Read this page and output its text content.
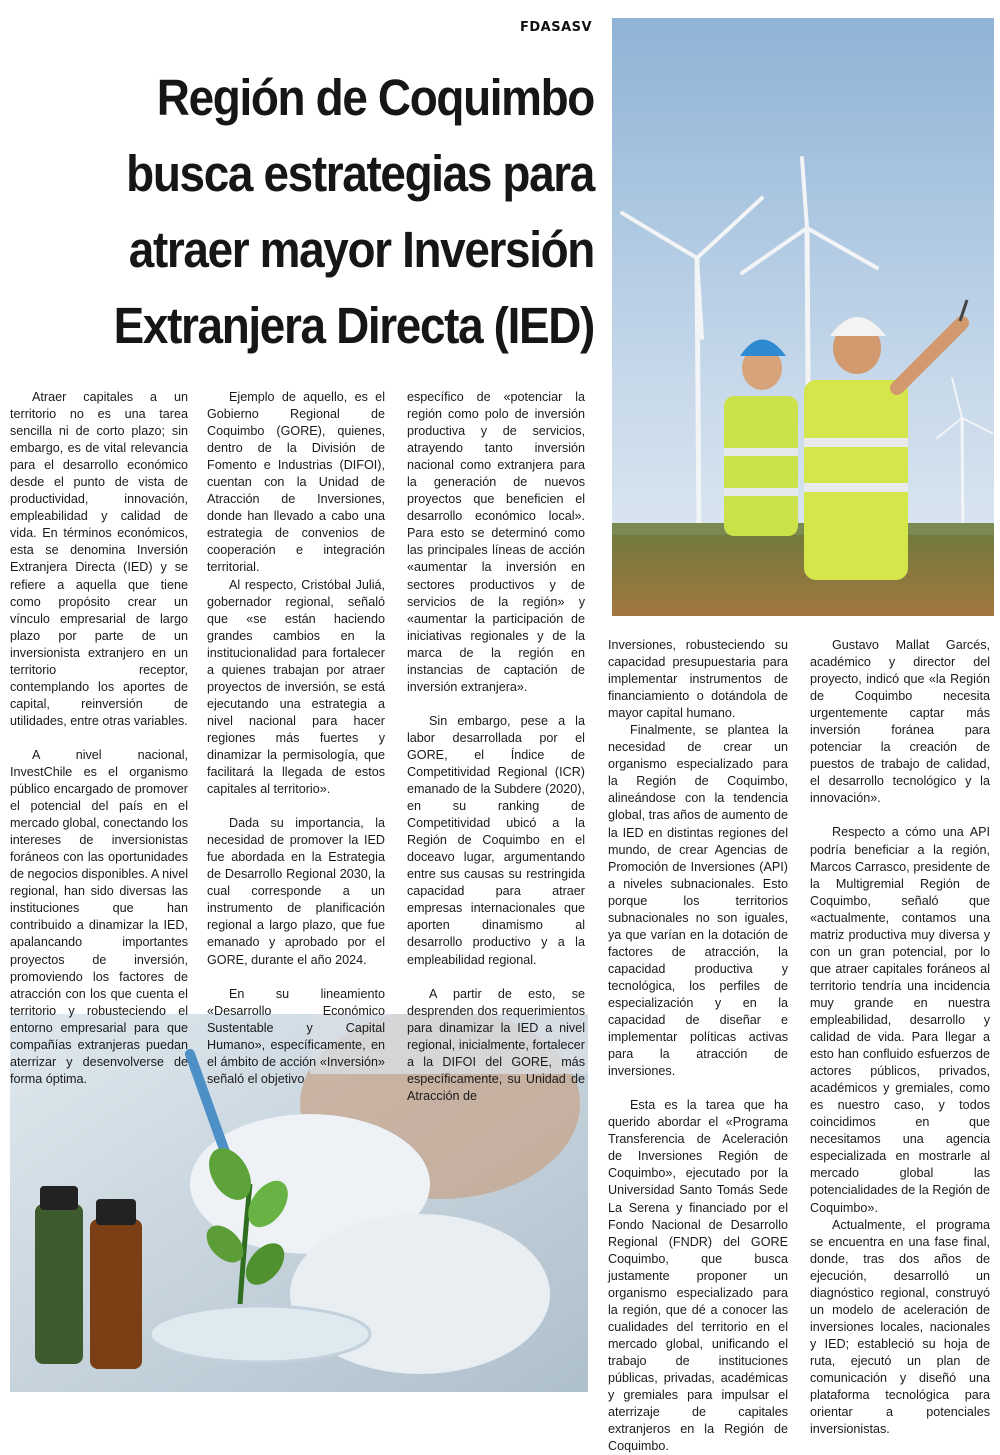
FDASASV
Región de Coquimbo busca estrategias para atraer mayor Inversión Extranjera Directa (IED)

Atraer capitales a un territorio no es una tarea sencilla ni de corto plazo; sin embargo, es de vital relevancia para el desarrollo económico desde el punto de vista de productividad, innovación, empleabilidad y calidad de vida. En términos económicos, esta se denomina Inversión Extranjera Directa (IED) y se refiere a aquella que tiene como propósito crear un vínculo empresarial de largo plazo por parte de un inversionista extranjero en un territorio receptor, contemplando los aportes de capital, reinversión de utilidades, entre otras variables.

A nivel nacional, InvestChile es el organismo público encargado de promover el potencial del país en el mercado global, conectando los intereses de inversionistas foráneos con las oportunidades de negocios disponibles. A nivel regional, han sido diversas las instituciones que han contribuido a dinamizar la IED, apalancando importantes proyectos de inversión, promoviendo los factores de atracción con los que cuenta el territorio y robusteciendo el entorno empresarial para que compañías extranjeras puedan aterrizar y desenvolverse de forma óptima.

Ejemplo de aquello, es el Gobierno Regional de Coquimbo (GORE), quienes, dentro de la División de Fomento e Industrias (DIFOI), cuentan con la Unidad de Atracción de Inversiones, donde han llevado a cabo una estrategia de convenios de cooperación e integración territorial.

Al respecto, Cristóbal Juliá, gobernador regional, señaló que «se están haciendo grandes cambios en la institucionalidad para fortalecer a quienes trabajan por atraer proyectos de inversión, se está ejecutando una estrategia a nivel nacional para hacer regiones más fuertes y dinamizar la permisología, que facilitará la llegada de estos capitales al territorio».

Dada su importancia, la necesidad de promover la IED fue abordada en la Estrategia de Desarrollo Regional 2030, la cual corresponde a un instrumento de planificación regional a largo plazo, que fue emanado y aprobado por el GORE, durante el año 2024.

En su lineamiento «Desarrollo Económico Sustentable y Capital Humano», específicamente, en el ámbito de acción «Inversión» señaló el objetivo

específico de «potenciar la región como polo de inversión productiva y de servicios, atrayendo tanto inversión nacional como extranjera para la generación de nuevos proyectos que beneficien el desarrollo económico local». Para esto se determinó como las principales líneas de acción «aumentar la inversión en sectores productivos y de servicios de la región» y «aumentar la participación de iniciativas regionales y de la marca de la región en instancias de captación de inversión extranjera».

Sin embargo, pese a la labor desarrollada por el GORE, el Índice de Competitividad Regional (ICR) emanado de la Subdere (2020), en su ranking de Competitividad ubicó a la Región de Coquimbo en el doceavo lugar, argumentando entre sus causas su restringida capacidad para atraer empresas internacionales que aporten dinamismo al desarrollo productivo y a la empleabilidad regional.

A partir de esto, se desprenden dos requerimientos para dinamizar la IED a nivel regional, inicialmente, fortalecer a la DIFOI del GORE, más específicamente, su Unidad de Atracción de

Inversiones, robusteciendo su capacidad presupuestaria para implementar instrumentos de financiamiento o dotándola de mayor capital humano.

Finalmente, se plantea la necesidad de crear un organismo especializado para la Región de Coquimbo, alineándose con la tendencia global, tras años de aumento de la IED en distintas regiones del mundo, de crear Agencias de Promoción de Inversiones (API) a niveles subnacionales. Esto porque los territorios subnacionales no son iguales, ya que varían en la dotación de factores de atracción, la capacidad productiva y tecnológica, los perfiles de especialización y en la capacidad de diseñar e implementar políticas activas para la atracción de inversiones.

Esta es la tarea que ha querido abordar el «Programa Transferencia de Aceleración de Inversiones Región de Coquimbo», ejecutado por la Universidad Santo Tomás Sede La Serena y financiado por el Fondo Nacional de Desarrollo Regional (FNDR) del GORE Coquimbo, que busca justamente proponer un organismo especializado para la región, que dé a conocer las cualidades del territorio en el mercado global, unificando el trabajo de instituciones públicas, privadas, académicas y gremiales para impulsar el aterrizaje de capitales extranjeros en la Región de Coquimbo.

Gustavo Mallat Garcés, académico y director del proyecto, indicó que «la Región de Coquimbo necesita urgentemente captar más inversión foránea para potenciar la creación de puestos de trabajo de calidad, el desarrollo tecnológico y la innovación».

Respecto a cómo una API podría beneficiar a la región, Marcos Carrasco, presidente de la Multigremial Región de Coquimbo, señaló que «actualmente, contamos una matriz productiva muy diversa y con un gran potencial, por lo que atraer capitales foráneos al territorio tendría una incidencia muy grande en nuestra empleabilidad, desarrollo y calidad de vida. Para llegar a esto han confluido esfuerzos de actores públicos, privados, académicos y gremiales, como es nuestro caso, y todos coincidimos en que necesitamos una agencia especializada en mostrarle al mercado global las potencialidades de la Región de Coquimbo».

Actualmente, el programa se encuentra en una fase final, donde, tras dos años de ejecución, desarrolló un diagnóstico regional, construyó un modelo de aceleración de inversiones locales, nacionales y IED; estableció su hoja de ruta, ejecutó un plan de comunicación y diseñó una plataforma tecnológica para orientar a potenciales inversionistas.
